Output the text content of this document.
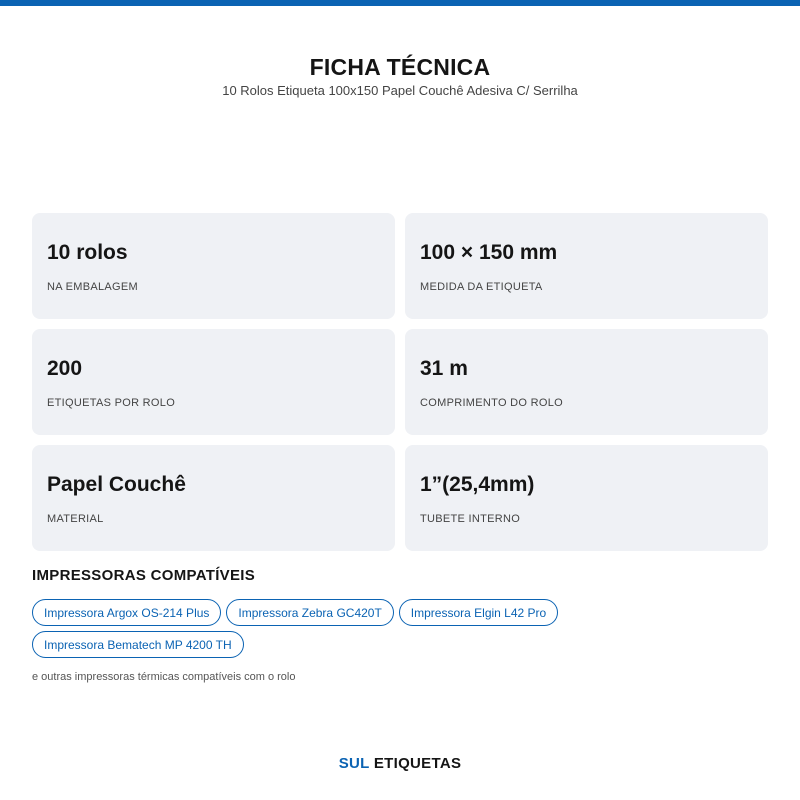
FICHA TÉCNICA
10 Rolos Etiqueta 100x150 Papel Couchê Adesiva C/ Serrilha
10 rolos
NA EMBALAGEM
100 × 150 mm
MEDIDA DA ETIQUETA
200
ETIQUETAS POR ROLO
31 m
COMPRIMENTO DO ROLO
Papel Couchê
MATERIAL
1”(25,4mm)
TUBETE INTERNO
IMPRESSORAS COMPATÍVEIS
Impressora Argox OS-214 Plus	Impressora Zebra GC420T	Impressora Elgin L42 Pro
Impressora Bematech MP 4200 TH
e outras impressoras térmicas compatíveis com o rolo
SUL ETIQUETAS
